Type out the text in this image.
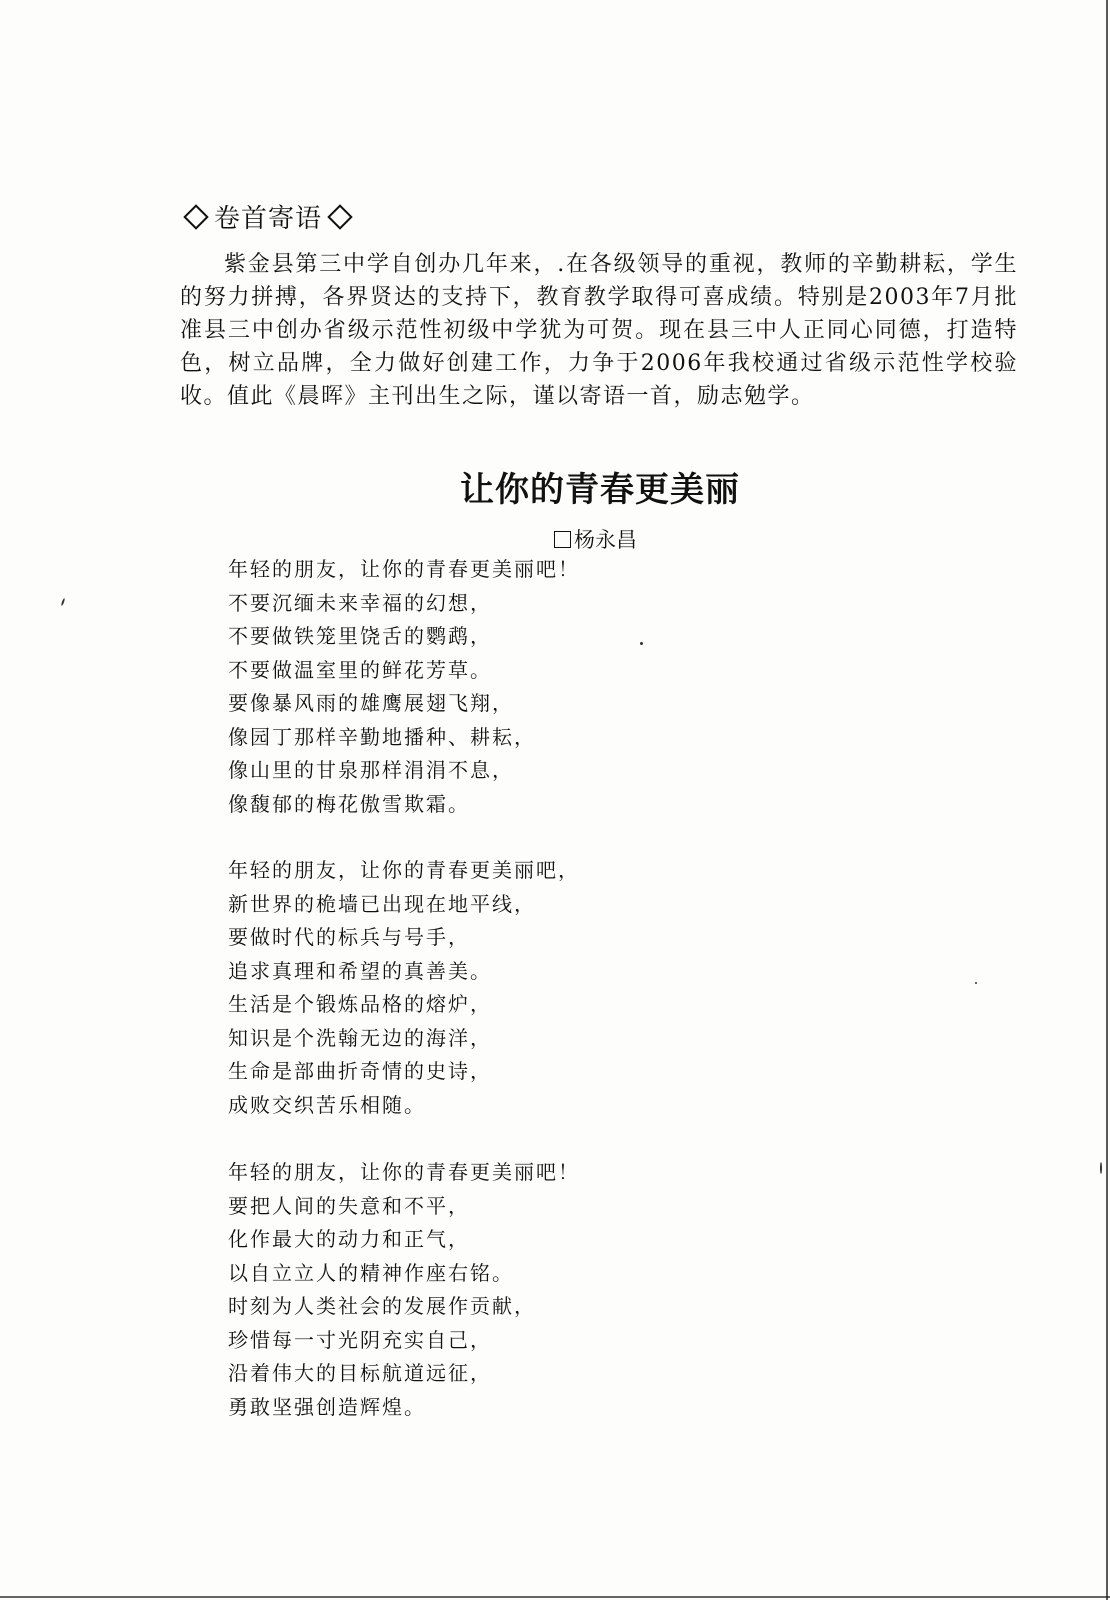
卷首寄语
紫金县第三中学自创办几年来，.在各级领导的重视，教师的辛勤耕耘，学生的努力拼搏，各界贤达的支持下，教育教学取得可喜成绩。特别是2003年7月批准县三中创办省级示范性初级中学犹为可贺。现在县三中人正同心同德，打造特色，树立品牌，全力做好创建工作，力争于2006年我校通过省级示范性学校验收。值此《晨晖》主刊出生之际，谨以寄语一首，励志勉学。
让你的青春更美丽
杨永昌
年轻的朋友，让你的青春更美丽吧！
不要沉缅未来幸福的幻想，
不要做铁笼里饶舌的鹦鹉，
不要做温室里的鲜花芳草。
要像暴风雨的雄鹰展翅飞翔，
像园丁那样辛勤地播种、耕耘，
像山里的甘泉那样涓涓不息，
像馥郁的梅花傲雪欺霜。
年轻的朋友，让你的青春更美丽吧，
新世界的桅墙已出现在地平线，
要做时代的标兵与号手，
追求真理和希望的真善美。
生活是个锻炼品格的熔炉，
知识是个洗翰无边的海洋，
生命是部曲折奇情的史诗，
成败交织苦乐相随。
年轻的朋友，让你的青春更美丽吧！
要把人间的失意和不平，
化作最大的动力和正气，
以自立立人的精神作座右铭。
时刻为人类社会的发展作贡献，
珍惜每一寸光阴充实自己，
沿着伟大的目标航道远征，
勇敢坚强创造辉煌。
